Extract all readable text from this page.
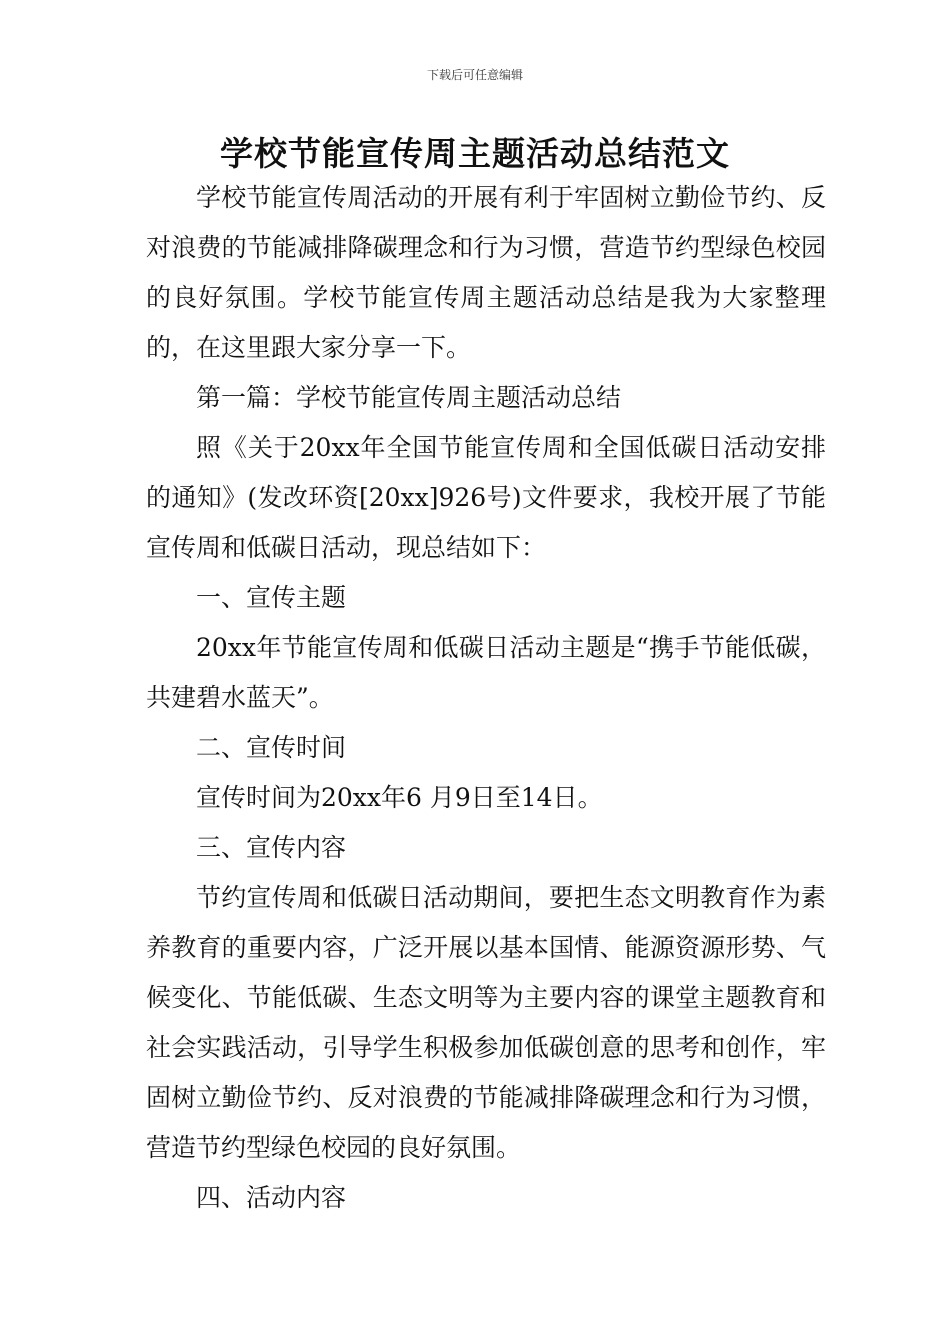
下载后可任意编辑
学校节能宣传周主题活动总结范文

学校节能宣传周活动的开展有利于牢固树立勤俭节约、反对浪费的节能减排降碳理念和行为习惯，营造节约型绿色校园的良好氛围。学校节能宣传周主题活动总结是我为大家整理的，在这里跟大家分享一下。

第一篇：学校节能宣传周主题活动总结

照《关于20xx年全国节能宣传周和全国低碳日活动安排的通知》(发改环资[20xx]926号)文件要求，我校开展了节能宣传周和低碳日活动，现总结如下：

一、宣传主题

20xx年节能宣传周和低碳日活动主题是“携手节能低碳，共建碧水蓝天”。

二、宣传时间

宣传时间为20xx年6 月9日至14日。

三、宣传内容

节约宣传周和低碳日活动期间，要把生态文明教育作为素养教育的重要内容，广泛开展以基本国情、能源资源形势、气候变化、节能低碳、生态文明等为主要内容的课堂主题教育和社会实践活动，引导学生积极参加低碳创意的思考和创作，牢固树立勤俭节约、反对浪费的节能减排降碳理念和行为习惯，营造节约型绿色校园的良好氛围。

四、活动内容
